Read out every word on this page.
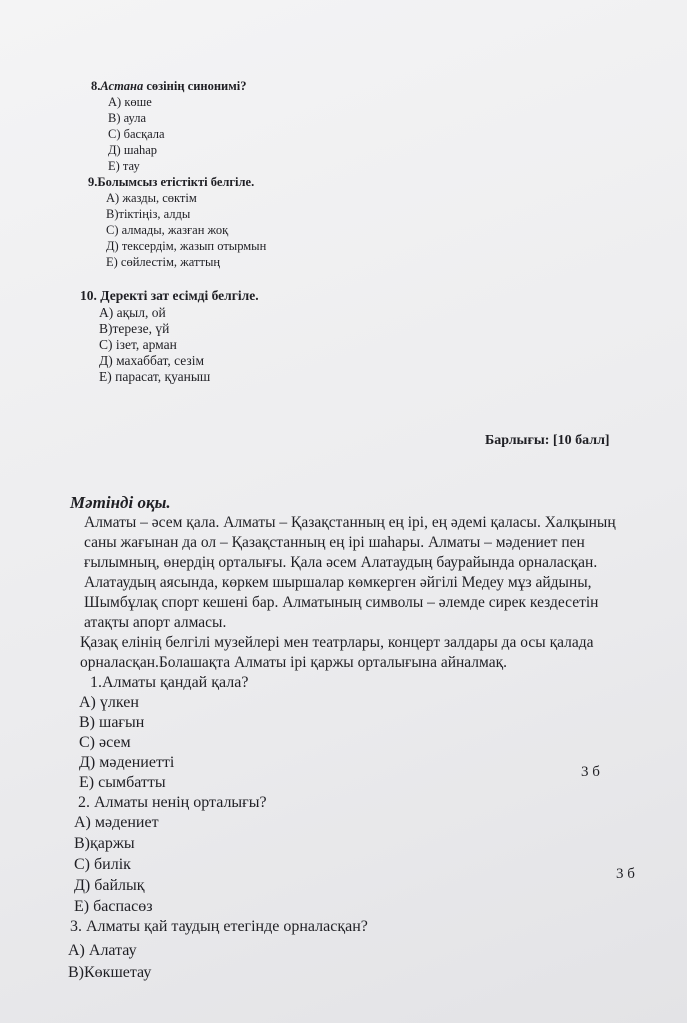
8.Астана сөзінің синонимі?
А) көше
В) аула
С) басқала
Д) шаһар
Е) тау
9.Болымсыз етістікті белгіле.
А) жазды, сөктім
В)тіктіңіз, алды
С) алмады, жазған жоқ
Д) тексердім, жазып отырмын
Е) сөйлестім, жаттың
10. Деректі зат есімді белгіле.
А) ақыл, ой
В)терезе, үй
С) ізет, арман
Д) махаббат, сезім
Е) парасат, қуаныш
Барлығы: [10 балл]
Мәтінді оқы.
Алматы – әсем қала. Алматы – Қазақстанның ең ірі, ең әдемі қаласы. Халқының
саны жағынан да ол – Қазақстанның ең ірі шаһары. Алматы – мәдениет пен
ғылымның, өнердің орталығы. Қала әсем Алатаудың баурайында орналасқан.
Алатаудың аясында, көркем шыршалар көмкерген әйгілі Медеу мұз айдыны,
Шымбұлақ спорт кешені бар. Алматының символы – әлемде сирек кездесетін
атақты апорт алмасы.
Қазақ елінің белгілі музейлері мен театрлары, концерт залдары да осы қалада
орналасқан.Болашақта Алматы ірі қаржы орталығына айналмақ.
1.Алматы қандай қала?
А) үлкен
В) шағын
С) әсем
Д) мәдениетті
Е) сымбатты
3 б
2. Алматы ненің орталығы?
А) мәдениет
В)қаржы
С) билік
Д) байлық
Е) баспасөз
3 б
3. Алматы қай таудың етегінде орналасқан?
А) Алатау
В)Көкшетау
